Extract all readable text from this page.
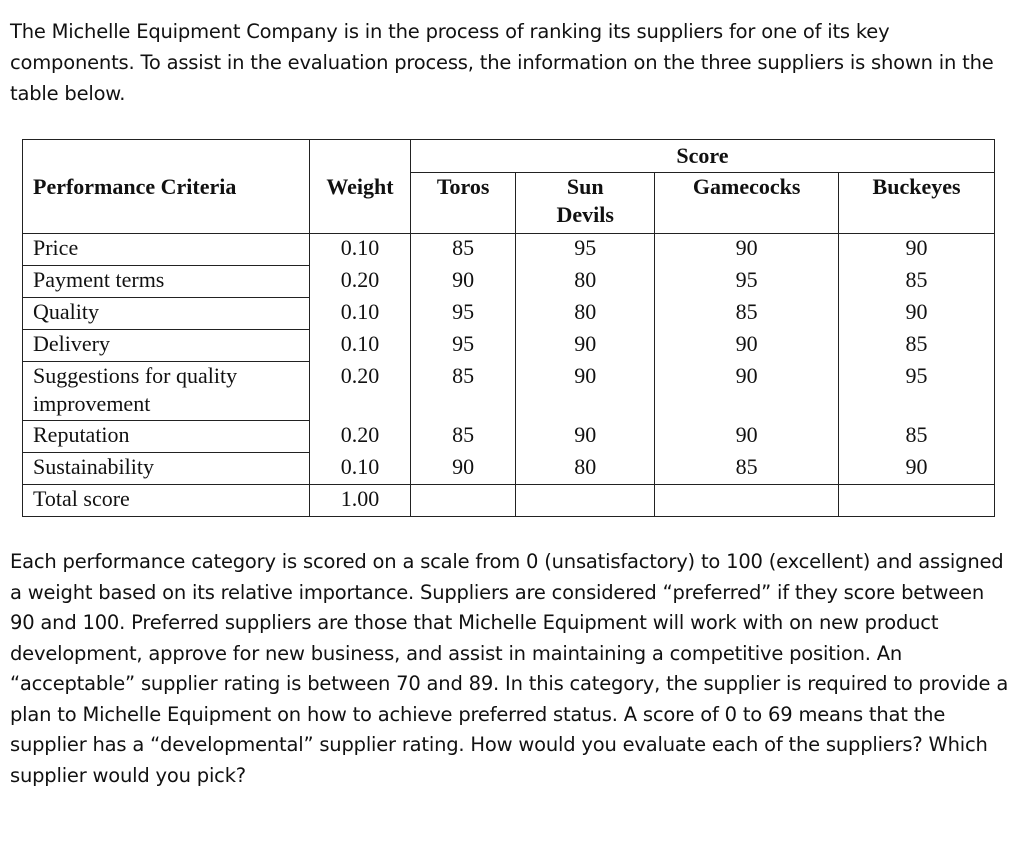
The Michelle Equipment Company is in the process of ranking its suppliers for one of its key components. To assist in the evaluation process, the information on the three suppliers is shown in the table below.

		Score			
Performance Criteria	Weight	Toros	Sun Devils	Gamecocks	Buckeyes
Price	0.10	85	95	90	90
Payment terms	0.20	90	80	95	85
Quality	0.10	95	80	85	90
Delivery	0.10	95	90	90	85
Suggestions for quality improvement	0.20	85	90	90	95
Reputation	0.20	85	90	90	85
Sustainability	0.10	90	80	85	90
Total score	1.00				

Each performance category is scored on a scale from 0 (unsatisfactory) to 100 (excellent) and assigned a weight based on its relative importance. Suppliers are considered “preferred” if they score between 90 and 100. Preferred suppliers are those that Michelle Equipment will work with on new product development, approve for new business, and assist in maintaining a competitive position. An “acceptable” supplier rating is between 70 and 89. In this category, the supplier is required to provide a plan to Michelle Equipment on how to achieve preferred status. A score of 0 to 69 means that the supplier has a “developmental” supplier rating. How would you evaluate each of the suppliers? Which supplier would you pick?
